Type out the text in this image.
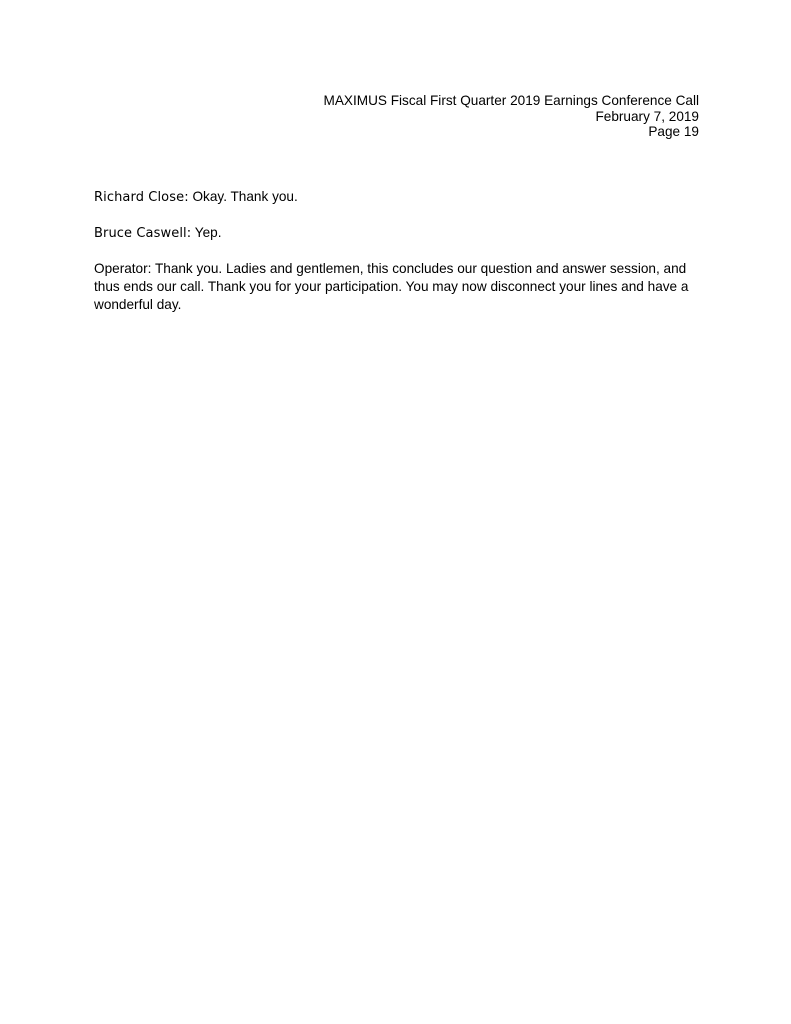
MAXIMUS Fiscal First Quarter 2019 Earnings Conference Call
February 7, 2019
Page 19

Richard Close: Okay. Thank you.

Bruce Caswell: Yep.

Operator: Thank you. Ladies and gentlemen, this concludes our question and answer session, and thus ends our call. Thank you for your participation. You may now disconnect your lines and have a wonderful day.
